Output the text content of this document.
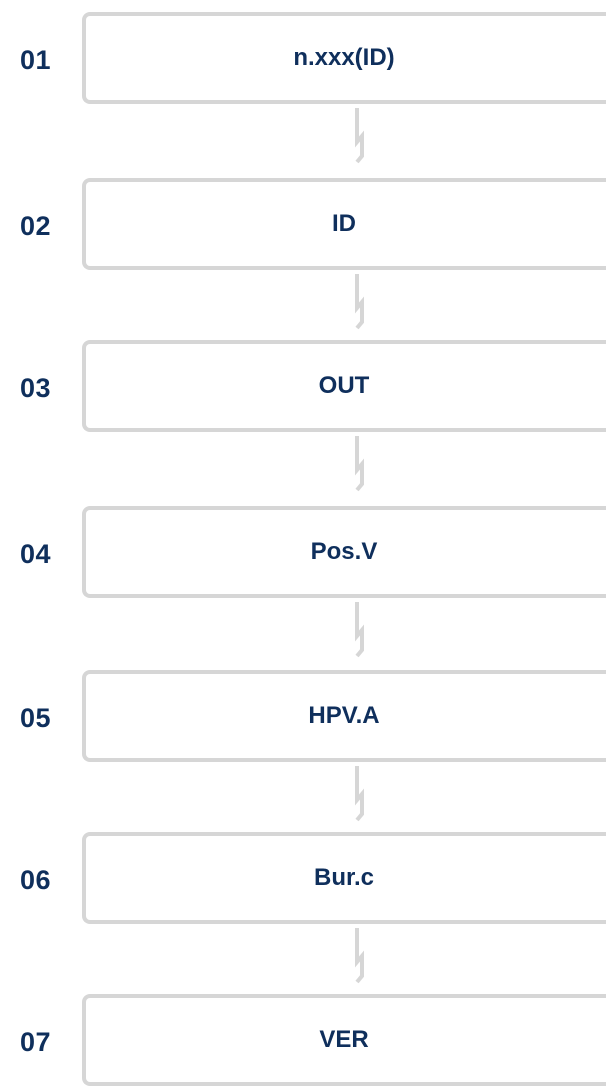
01	n.xxx(ID)
02	ID
03	OUT
04	Pos.V
05	HPV.A
06	Bur.c
07	VER
